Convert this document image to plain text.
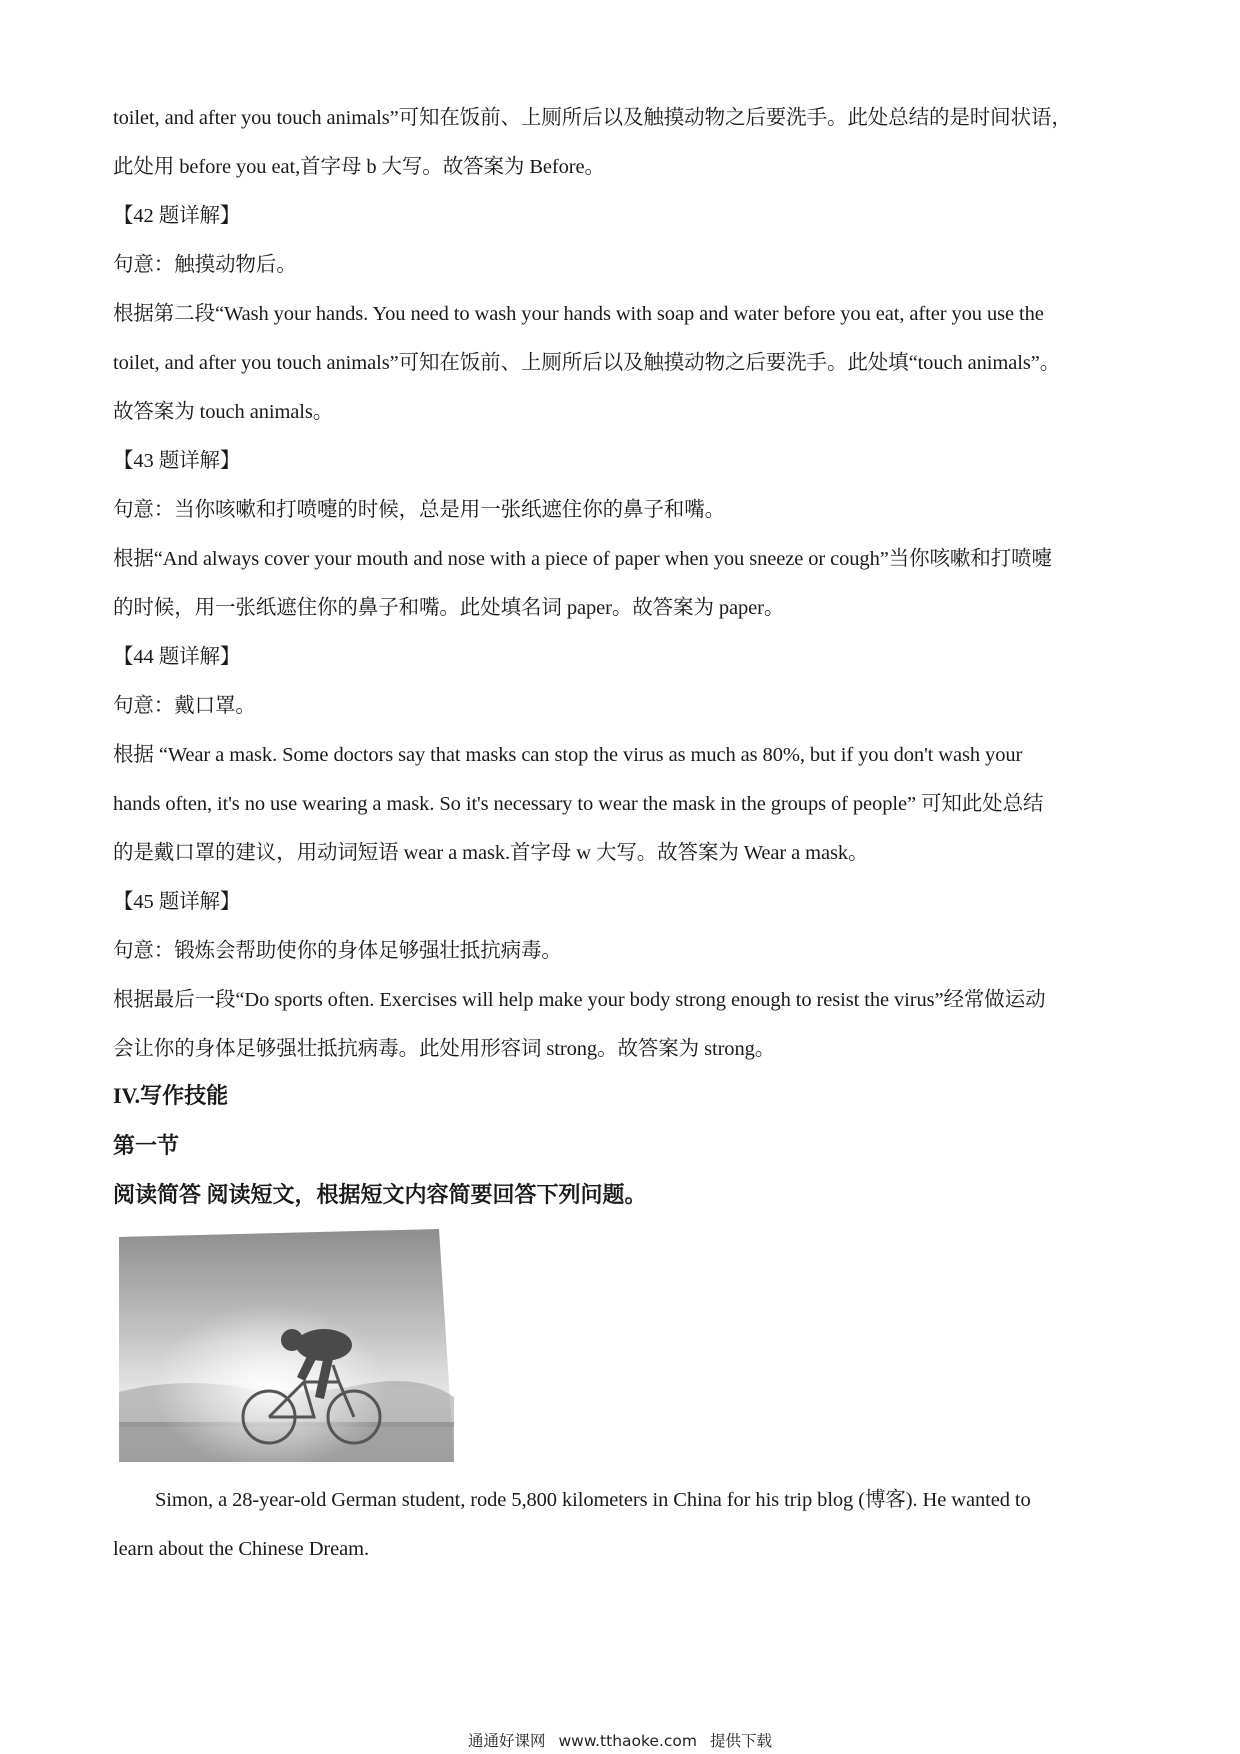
toilet, and after you touch animals”可知在饭前、上厕所后以及触摸动物之后要洗手。此处总结的是时间状语，
此处用 before you eat,首字母 b 大写。故答案为 Before。
【42 题详解】
句意：触摸动物后。
根据第二段“Wash your hands. You need to wash your hands with soap and water before you eat, after you use the
toilet, and after you touch animals”可知在饭前、上厕所后以及触摸动物之后要洗手。此处填“touch animals”。
故答案为 touch animals。
【43 题详解】
句意：当你咳嗽和打喷嚏的时候，总是用一张纸遮住你的鼻子和嘴。
根据“And always cover your mouth and nose with a piece of paper when you sneeze or cough”当你咳嗽和打喷嚏
的时候，用一张纸遮住你的鼻子和嘴。此处填名词 paper。故答案为 paper。
【44 题详解】
句意：戴口罩。
根据 “Wear a mask. Some doctors say that masks can stop the virus as much as 80%, but if you don't wash your
hands often, it's no use wearing a mask. So it's necessary to wear the mask in the groups of people” 可知此处总结
的是戴口罩的建议，用动词短语 wear a mask.首字母 w 大写。故答案为 Wear a mask。
【45 题详解】
句意：锻炼会帮助使你的身体足够强壮抵抗病毒。
根据最后一段“Do sports often. Exercises will help make your body strong enough to resist the virus”经常做运动
会让你的身体足够强壮抵抗病毒。此处用形容词 strong。故答案为 strong。
IV.写作技能
第一节
阅读简答 阅读短文，根据短文内容简要回答下列问题。
Simon, a 28-year-old German student, rode 5,800 kilometers in China for his trip blog (博客). He wanted to
learn about the Chinese Dream.
通通好课网 www.tthaoke.com 提供下载
